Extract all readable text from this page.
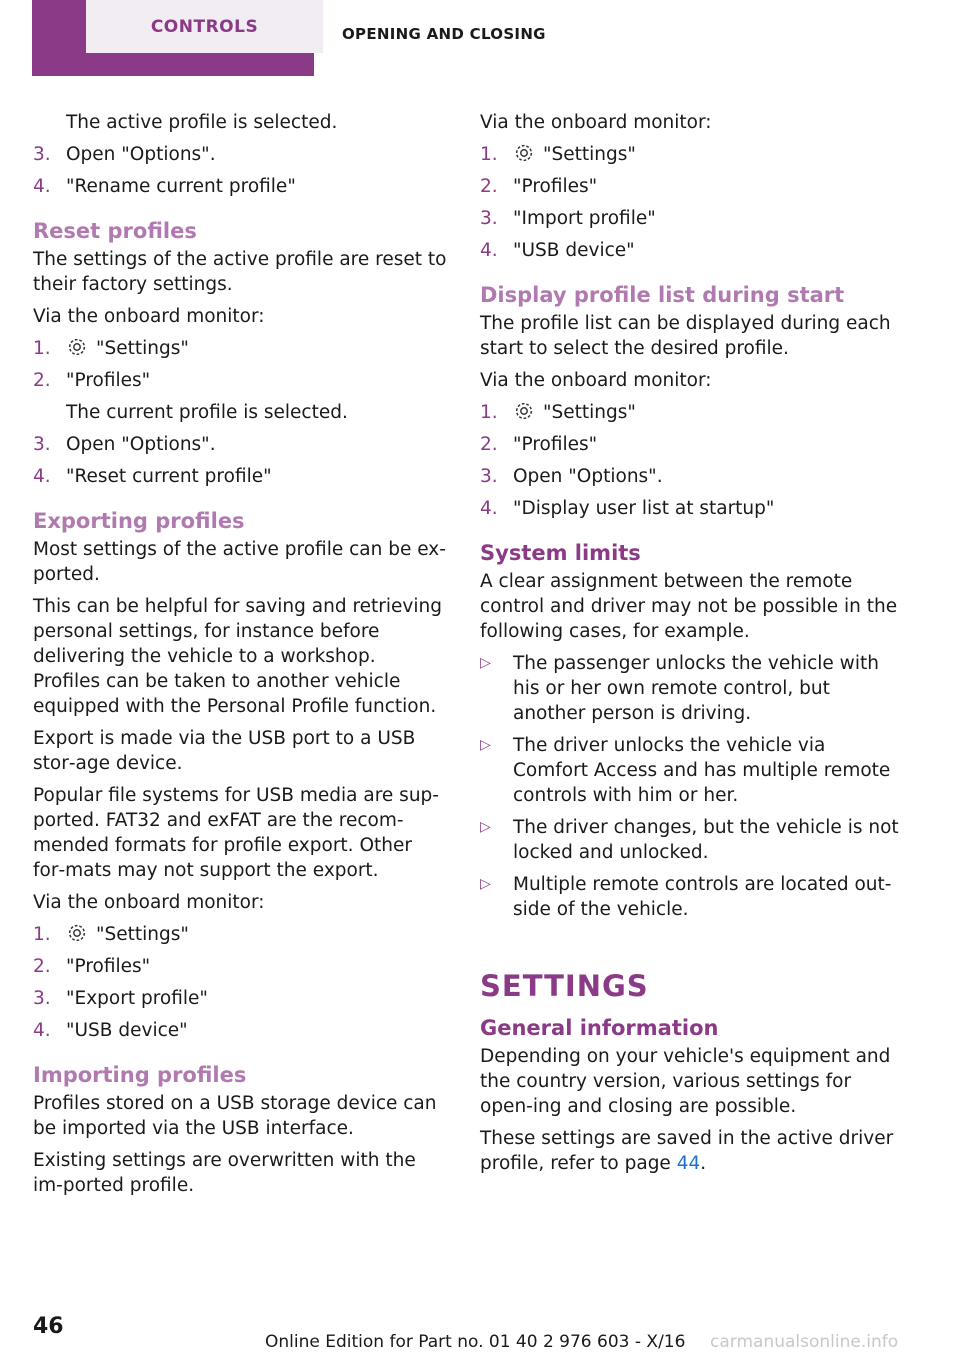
CONTROLS	OPENING AND CLOSING

The active profile is selected.

3. Open "Options".
4. "Rename current profile"
Reset profiles

The settings of the active profile are reset to their factory settings.

Via the onboard monitor:

1. "Settings"
2. "Profiles"

The current profile is selected.

3. Open "Options".
4. "Reset current profile"
Exporting profiles

Most settings of the active profile can be ex‐ported.

This can be helpful for saving and retrieving personal settings, for instance before delivering the vehicle to a workshop. Profiles can be taken to another vehicle equipped with the Personal Profile function.

Export is made via the USB port to a USB stor‐age device.

Popular file systems for USB media are sup‐ported. FAT32 and exFAT are the recom‐mended formats for profile export. Other for‐mats may not support the export.

Via the onboard monitor:

1. "Settings"
2. "Profiles"
3. "Export profile"
4. "USB device"
Importing profiles

Profiles stored on a USB storage device can be imported via the USB interface.

Existing settings are overwritten with the im‐ported profile.

Via the onboard monitor:

1. "Settings"
2. "Profiles"
3. "Import profile"
4. "USB device"
Display profile list during start

The profile list can be displayed during each start to select the desired profile.

Via the onboard monitor:

1. "Settings"
2. "Profiles"
3. Open "Options".
4. "Display user list at startup"
System limits

A clear assignment between the remote control and driver may not be possible in the following cases, for example.

▷ The passenger unlocks the vehicle with his or her own remote control, but another person is driving.
▷ The driver unlocks the vehicle via Comfort Access and has multiple remote controls with him or her.
▷ The driver changes, but the vehicle is not locked and unlocked.
▷ Multiple remote controls are located out‐side of the vehicle.
SETTINGS
General information

Depending on your vehicle's equipment and the country version, various settings for open‐ing and closing are possible.

These settings are saved in the active driver profile, refer to page 44.

46
Online Edition for Part no. 01 40 2 976 603 - X/16 carmanualsonline.info
